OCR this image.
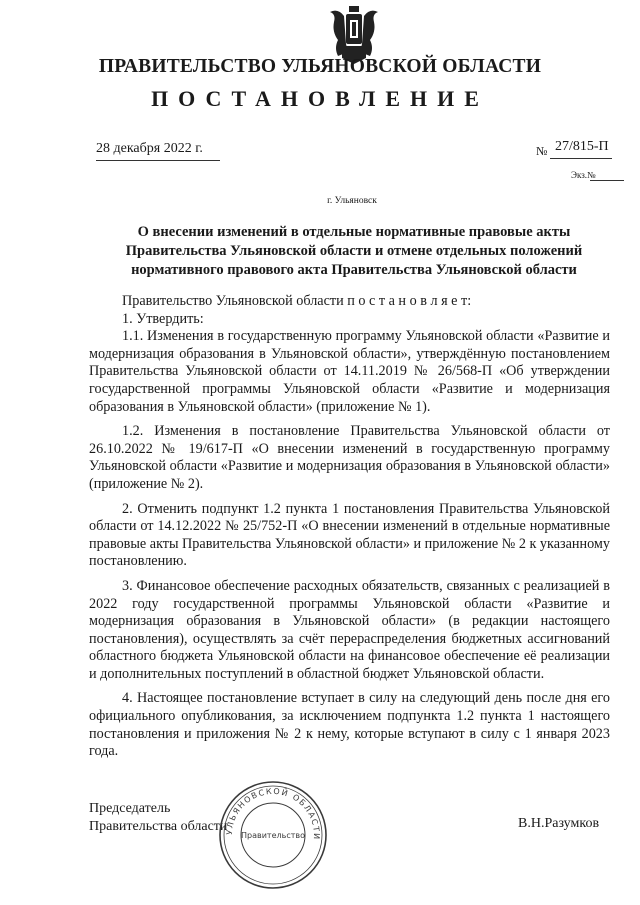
ПРАВИТЕЛЬСТВО УЛЬЯНОВСКОЙ ОБЛАСТИ
ПОСТАНОВЛЕНИЕ
28 декабря 2022 г.	№ 27/815-П
Экз.№
г. Ульяновск
О внесении изменений в отдельные нормативные правовые акты Правительства Ульяновской области и отмене отдельных положений нормативного правового акта Правительства Ульяновской области

Правительство Ульяновской области п о с т а н о в л я е т:

1. Утвердить:

1.1. Изменения в государственную программу Ульяновской области «Развитие и модернизация образования в Ульяновской области», утверждённую постановлением Правительства Ульяновской области от 14.11.2019 № 26/568-П «Об утверждении государственной программы Ульяновской области «Развитие и модернизация образования в Ульяновской области» (приложение № 1).

1.2. Изменения в постановление Правительства Ульяновской области от 26.10.2022 № 19/617-П «О внесении изменений в государственную программу Ульяновской области «Развитие и модернизация образования в Ульяновской области» (приложение № 2).

2. Отменить подпункт 1.2 пункта 1 постановления Правительства Ульяновской области от 14.12.2022 № 25/752-П «О внесении изменений в отдельные нормативные правовые акты Правительства Ульяновской области» и приложение № 2 к указанному постановлению.

3. Финансовое обеспечение расходных обязательств, связанных с реализацией в 2022 году государственной программы Ульяновской области «Развитие и модернизация образования в Ульяновской области» (в редакции настоящего постановления), осуществлять за счёт перераспределения бюджетных ассигнований областного бюджета Ульяновской области на финансовое обеспечение её реализации и дополнительных поступлений в областной бюджет Ульяновской области.

4. Настоящее постановление вступает в силу на следующий день после дня его официального опубликования, за исключением подпункта 1.2 пункта 1 настоящего постановления и приложения № 2 к нему, которые вступают в силу с 1 января 2023 года.

Председатель
Правительства области	В.Н.Разумков
УЛЬЯНОВСКОЙ ОБЛАСТИ
Правительство
